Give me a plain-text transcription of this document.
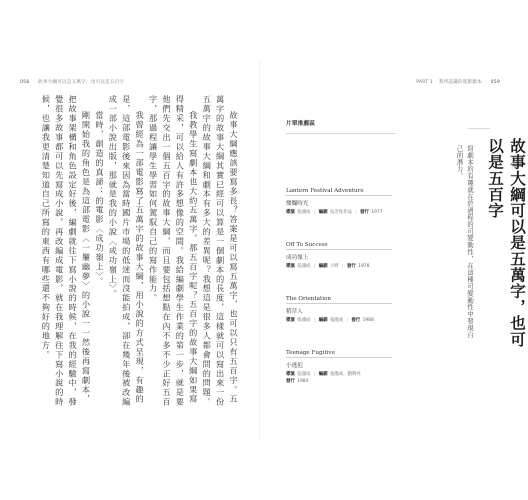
058 故事大綱可以是五萬字，也可以是五百字	PART 1 我所認識的電影劇本 059

故事大綱應該要寫多長？答案是可以寫五萬字，也可以只有五百字。五萬字的故事大綱其實已經可以算是一個劇本的長度，這樣就可以寫出來一份五萬字的故事大綱和劇本有多大的差異呢？我想這是很多人都會問的問題。

我教學生寫劇本也大約五萬字，那五百字呢？五百字的故事大綱如果寫得精采，可以給人有許多想像的空間。我給編劇學生作業的第一步，就是要他們先交出一個五百字的故事大綱，而且要包括想點在內不多不少正好五百字，那過程讓學生學習如何駕馭自己的寫作能力。

我曾經為一部電影寫了五萬字的故事大綱，用小說的方式呈現，有趣的是，這部電影後來因為當時國片市場的低迷而沒能拍成，卻在幾年後被改編成一部小說出版，那就是我的小說〈成功嶺上〉。

當時，創造的真諦：的電影〈成功嶺上〉。

剛開始我的角色是為這部電影〈一簾幽夢〉的小說一一然後再寫劇本，把故事架構和角色設定好後，編劇就往下寫小說的時候，在我的經驗中，發覺很多故事都可以先寫成小說，再改編成電影，就在我理解往下寫小說的時候，也讓我更清楚知道自己所寫的東西有哪些還不夠好的地方。	片單推薦區
Lantern Festival Adventure
燦爛時光
導演 張鴻成 | 編劇 吳念真作品 | 發行 1977
Off To Success
成功嶺上
導演 張鴻成 | 編劇 小野 | 發行 1978
The Orientation
稻草人
導演 張鴻成 | 編劇 張鴻成 | 發行 1988
Teenage Fugitive
小逃犯
導演 張鴻成 | 編劇 張鴻成、劉明亮
發行 1984
故事大綱可以是五萬字，也可以是五百字
寫劇本的有趣就在於過程的可變動性，在這種可變動性中發現自己的潛力。
